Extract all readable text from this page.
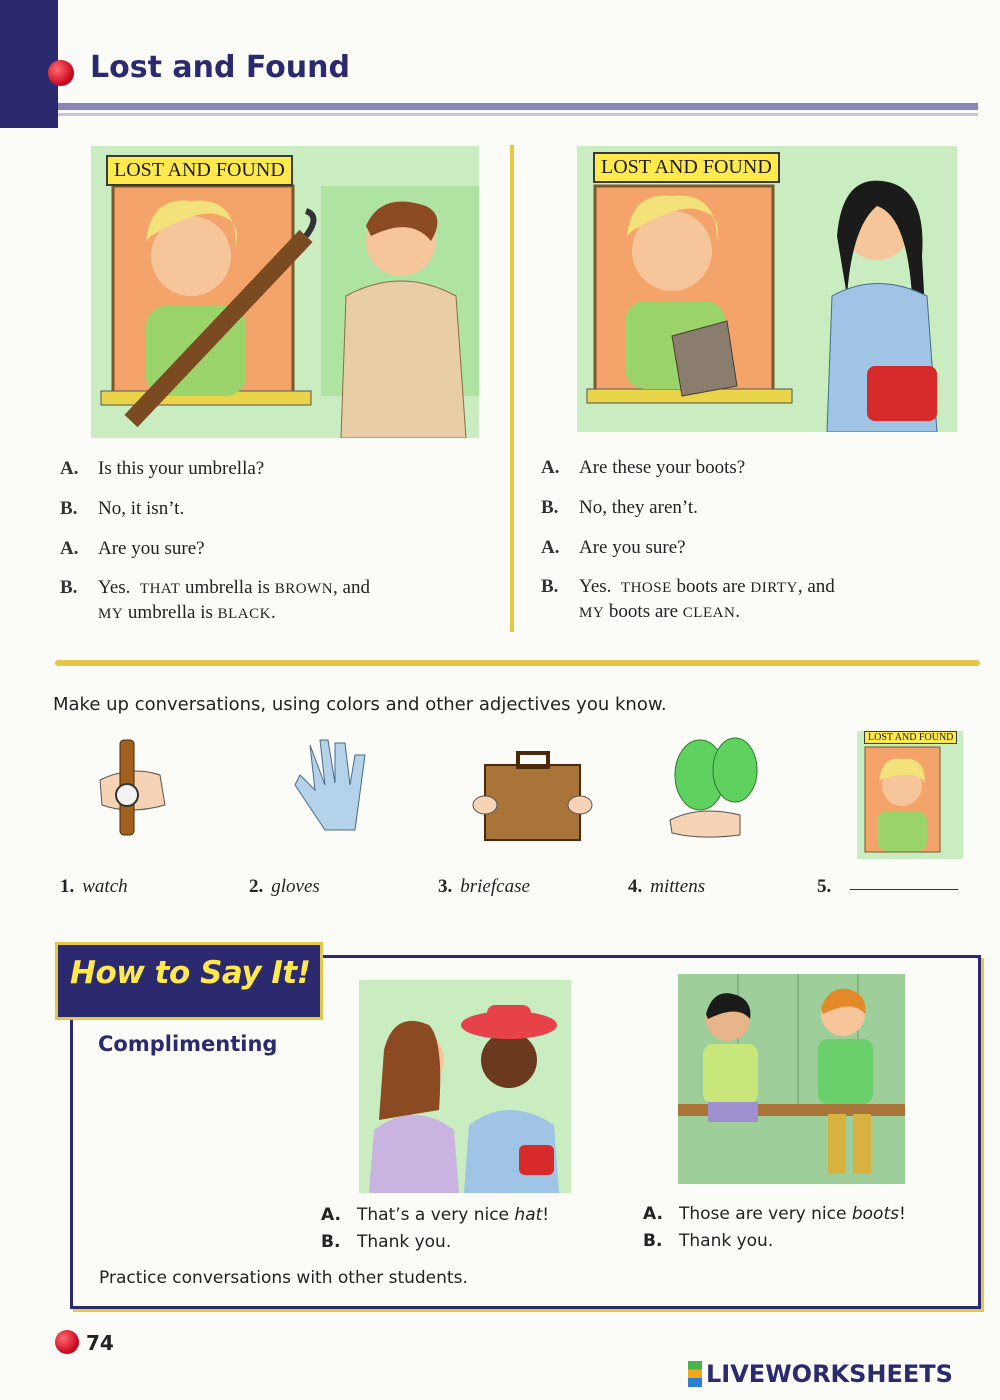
Lost and Found
LOST AND FOUND
A.	Is this your umbrella?
B.	No, it isn’t.
A.	Are you sure?
B.	Yes. THAT umbrella is BROWN, and
MY umbrella is BLACK.
LOST AND FOUND
A.	Are these your boots?
B.	No, they aren’t.
A.	Are you sure?
B.	Yes. THOSE boots are DIRTY, and
MY boots are CLEAN.
Make up conversations, using colors and other adjectives you know.
LOST AND FOUND
1. watch	2. gloves	3. briefcase	4. mittens	5.
How to Say It!
Complimenting
A. That’s a very nice hat!
B. Thank you.
A. Those are very nice boots!
B. Thank you.
Practice conversations with other students.
74
LIVEWORKSHEETS
